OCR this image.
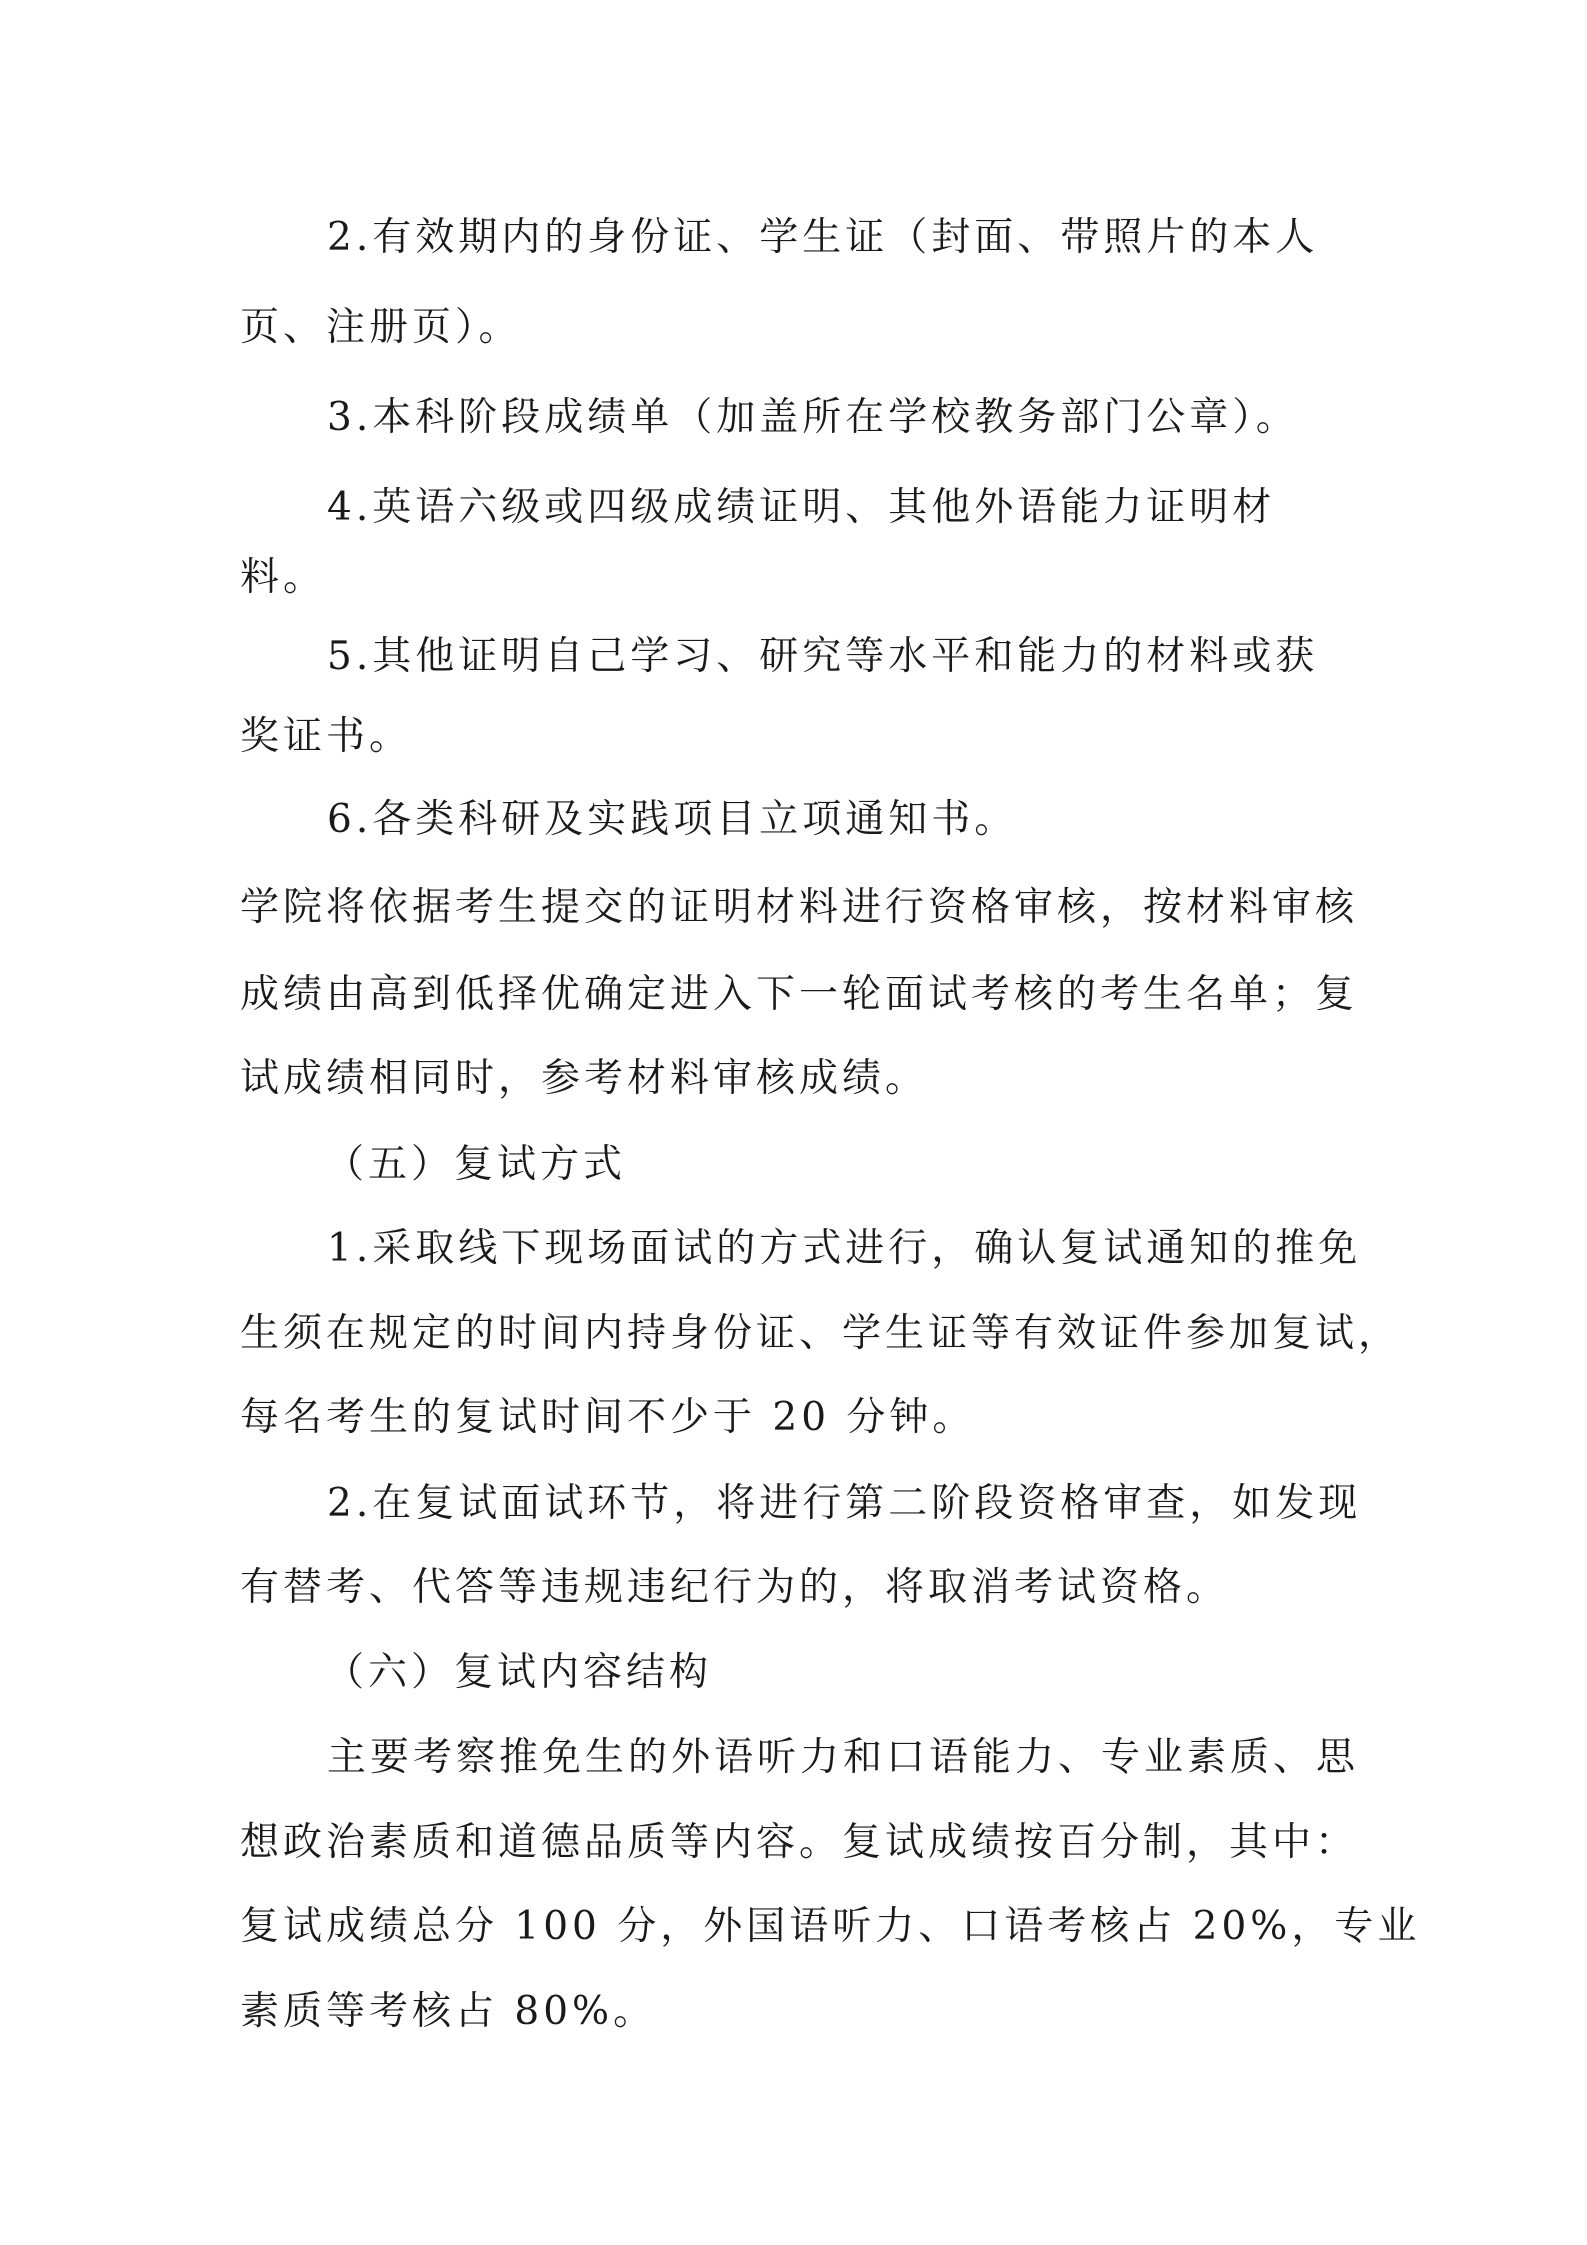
2.有效期内的身份证、学生证（封面、带照片的本人
页、注册页）。
3.本科阶段成绩单（加盖所在学校教务部门公章）。
4.英语六级或四级成绩证明、其他外语能力证明材
料。
5.其他证明自己学习、研究等水平和能力的材料或获
奖证书。
6.各类科研及实践项目立项通知书。
学院将依据考生提交的证明材料进行资格审核，按材料审核
成绩由高到低择优确定进入下一轮面试考核的考生名单；复
试成绩相同时，参考材料审核成绩。
（五）复试方式
1.采取线下现场面试的方式进行，确认复试通知的推免
生须在规定的时间内持身份证、学生证等有效证件参加复试，
每名考生的复试时间不少于 20 分钟。
2.在复试面试环节，将进行第二阶段资格审查，如发现
有替考、代答等违规违纪行为的，将取消考试资格。
（六）复试内容结构
主要考察推免生的外语听力和口语能力、专业素质、思
想政治素质和道德品质等内容。复试成绩按百分制，其中：
复试成绩总分 100 分，外国语听力、口语考核占 20%，专业
素质等考核占 80%。
